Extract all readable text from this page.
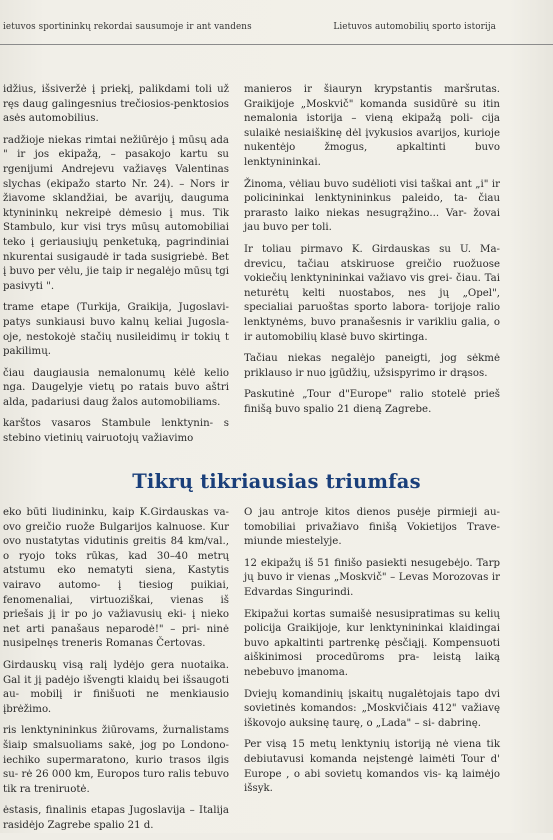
ietuvos sportininkų rekordai sausumoje ir ant vandens	Lietuvos automobilių sporto istorija

idžius, išsiveržė į priekį, palikdami toli už ręs daug galingesnius trečiosios-penktosios asės automobilius.

radžioje niekas rimtai nežiūrėjo į mūsų ada " ir jos ekipažą, – pasakojo kartu su rgenijumi Andrejevu važiavęs Valentinas slychas (ekipažo starto Nr. 24). – Nors ir žiavome sklandžiai, be avarijų, dauguma ktynininkų nekreipė dėmesio į mus. Tik Stambulo, kur visi trys mūsų automobiliai teko į geriausiųjų penketuką, pagrindiniai nkurentai susigaudė ir tada susigriebė. Bet į buvo per vėlu, jie taip ir negalėjo mūsų tgi pasivyti ".

trame etape (Turkija, Graikija, Jugoslavi- patys sunkiausi buvo kalnų keliai Jugosla- oje, nestokojė stačių nusileidimų ir tokių t pakilimų.

čiau daugiausia nemalonumų kėlė kelio nga. Daugelyje vietų po ratais buvo aštri alda, padariusi daug žalos automobiliams.

karštos vasaros Stambule lenktynin- s stebino vietinių vairuotojų važiavimo

manieros ir šiauryn krypstantis maršrutas. Graikijoje „Moskvič" komanda susidūrė su itin nemalonia istorija – vieną ekipažą poli- cija sulaikė nesiaiškinę dėl įvykusios avarijos, kurioje nukentėjo žmogus, apkaltinti buvo lenktynininkai.

Žinoma, vėliau buvo sudėlioti visi taškai ant „i" ir policininkai lenktynininkus paleido, ta- čiau prarasto laiko niekas nesugrąžino... Var- žovai jau buvo per toli.

Ir toliau pirmavo K. Girdauskas su U. Ma- drevicu, tačiau atskiruose greičio ruožuose vokiečių lenktynininkai važiavo vis grei- čiau. Tai neturėtų kelti nuostabos, nes jų „Opel", specialiai paruoštas sporto labora- torijoje ralio lenktynėms, buvo pranašesnis ir varikliu galia, o ir automobilių klasė buvo skirtinga.

Tačiau niekas negalėjo paneigti, jog sėkmė priklauso ir nuo įgūdžių, užsispyrimo ir drąsos.

Paskutinė „Tour d"Europe" ralio stotelė prieš finišą buvo spalio 21 dieną Zagrebe.

Tikrų tikriausias triumfas

eko būti liudininku, kaip K.Girdauskas va- ovo greičio ruože Bulgarijos kalnuose. Kur ovo nustatytas vidutinis greitis 84 km/val., o ryojo toks rūkas, kad 30–40 metrų atstumu eko nematyti siena, Kastytis vairavo automo- į tiesiog puikiai, fenomenaliai, virtuoziškai, vienas iš priešais jį ir po jo važiavusių eki- į nieko net arti panašaus neparodė!" – pri- ninė nusipelnęs treneris Romanas Čertovas.

Girdauskų visą ralį lydėjo gera nuotaika. Gal it jį padėjo išvengti klaidų bei išsaugoti au- mobilį ir finišuoti ne menkiausio įbrėžimo.

ris lenktynininkus žiūrovams, žurnalistams šiaip smalsuoliams sakė, jog po Londono- iechiko supermaratono, kurio trasos ilgis su- rė 26 000 km, Europos turo ralis tebuvo tik ra treniruotė.

ėstasis, finalinis etapas Jugoslavija – Italija rasidėjo Zagrebe spalio 21 d.

O jau antroje kitos dienos pusėje pirmieji au- tomobiliai privažiavo finišą Vokietijos Trave- miunde miestelyje.

12 ekipažų iš 51 finišo pasiekti nesugebėjo. Tarp jų buvo ir vienas „Moskvič" – Levas Morozovas ir Edvardas Singurindi.

Ekipažui kortas sumaišė nesusipratimas su kelių policija Graikijoje, kur lenktynininkai klaidingai buvo apkaltinti partrenkę pėsčiąjį. Kompensuoti aiškinimosi procedūroms pra- leistą laiką nebebuvo įmanoma.

Dviejų komandinių įskaitų nugalėtojais tapo dvi sovietinės komandos: „Moskvičiais 412" važiavę iškovojo auksinę taurę, o „Lada" – si- dabrinę.

Per visą 15 metų lenktynių istoriją nė viena tik debiutavusi komanda neįstengė laimėti Tour d' Europe , o abi sovietų komandos vis- ką laimėjo išsyk.
